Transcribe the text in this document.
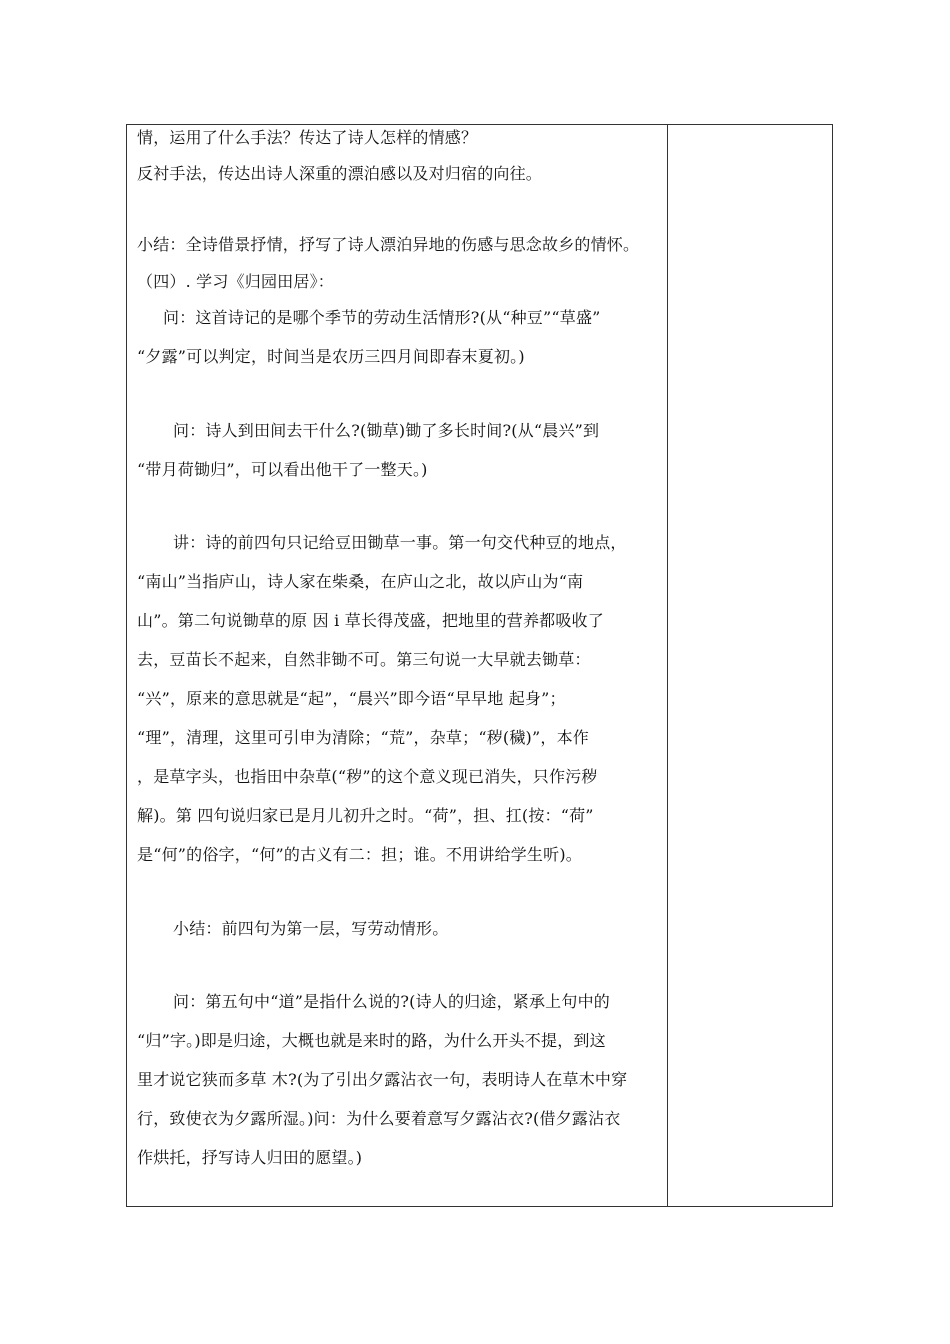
情，运用了什么手法？传达了诗人怎样的情感？
反衬手法，传达出诗人深重的漂泊感以及对归宿的向往。
小结：全诗借景抒情，抒写了诗人漂泊异地的伤感与思念故乡的情怀。
（四）. 学习《归园田居》：
问：这首诗记的是哪个季节的劳动生活情形?(从“种豆”“草盛”
“夕露”可以判定，时间当是农历三四月间即春末夏初。)
问：诗人到田间去干什么?(锄草)锄了多长时间?(从“晨兴”到
“带月荷锄归”，可以看出他干了一整天。)
讲：诗的前四句只记给豆田锄草一事。第一句交代种豆的地点，
“南山”当指庐山，诗人家在柴桑，在庐山之北，故以庐山为“南
山”。第二句说锄草的原 因 i 草长得茂盛，把地里的营养都吸收了
去，豆苗长不起来，自然非锄不可。第三句说一大早就去锄草：
“兴”，原来的意思就是“起”，“晨兴”即今语“早早地 起身”；
“理”，清理，这里可引申为清除；“荒”，杂草；“秽(穢)”，本作
，是草字头，也指田中杂草(“秽”的这个意义现已消失，只作污秽
解)。第 四句说归家已是月儿初升之时。“荷”，担、扛(按：“荷”
是“何”的俗字，“何”的古义有二：担；谁。不用讲给学生听)。
小结：前四句为第一层，写劳动情形。
问：第五句中“道”是指什么说的?(诗人的归途，紧承上句中的
“归”字。)即是归途，大概也就是来时的路，为什么开头不提，到这
里才说它狭而多草 木?(为了引出夕露沾衣一句，表明诗人在草木中穿
行，致使衣为夕露所湿。)问：为什么要着意写夕露沾衣?(借夕露沾衣
作烘托，抒写诗人归田的愿望。)
